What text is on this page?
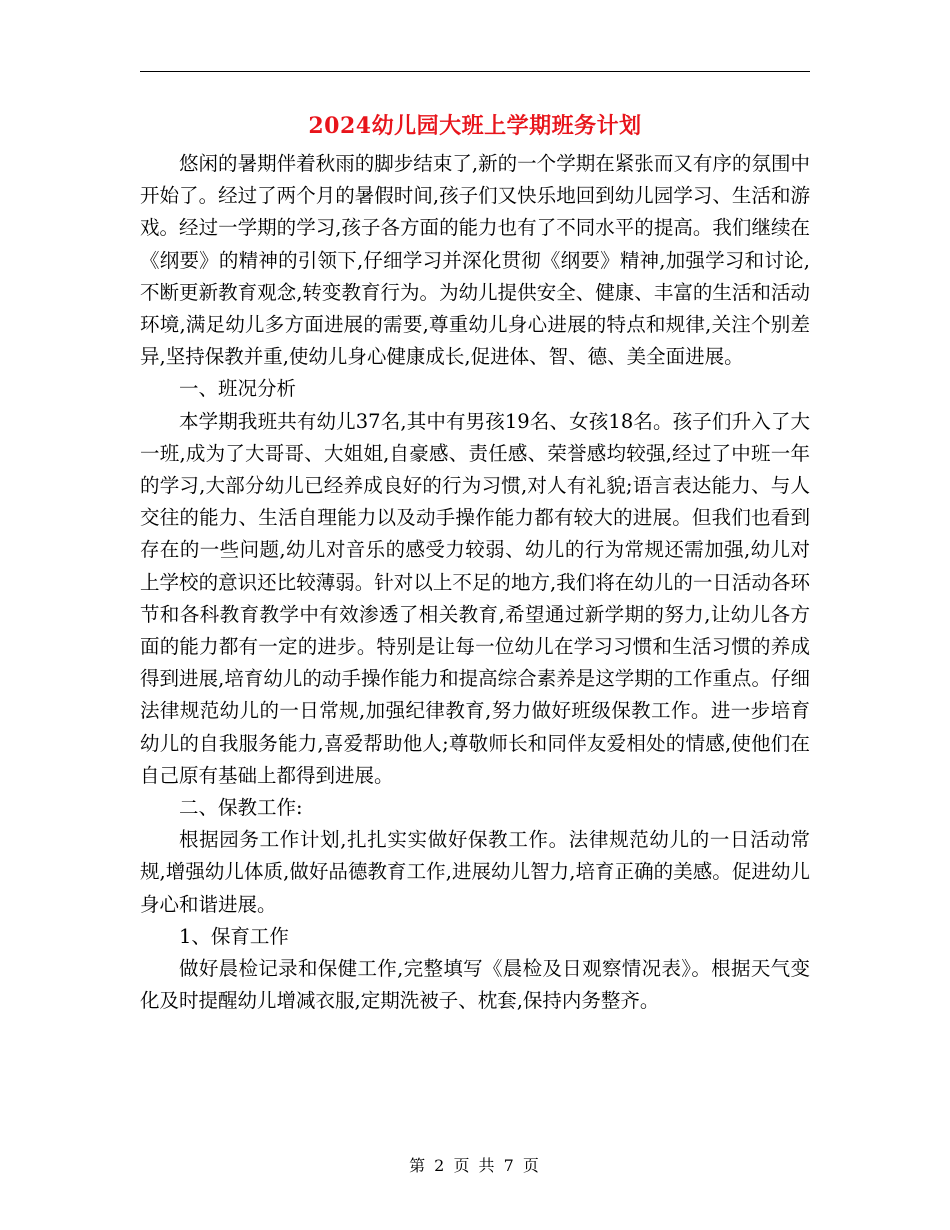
2024幼儿园大班上学期班务计划

悠闲的暑期伴着秋雨的脚步结束了,新的一个学期在紧张而又有序的氛围中开始了。经过了两个月的暑假时间,孩子们又快乐地回到幼儿园学习、生活和游戏。经过一学期的学习,孩子各方面的能力也有了不同水平的提高。我们继续在《纲要》的精神的引领下,仔细学习并深化贯彻《纲要》精神,加强学习和讨论,不断更新教育观念,转变教育行为。为幼儿提供安全、健康、丰富的生活和活动环境,满足幼儿多方面进展的需要,尊重幼儿身心进展的特点和规律,关注个别差异,坚持保教并重,使幼儿身心健康成长,促进体、智、德、美全面进展。

一、班况分析

本学期我班共有幼儿37名,其中有男孩19名、女孩18名。孩子们升入了大一班,成为了大哥哥、大姐姐,自豪感、责任感、荣誉感均较强,经过了中班一年的学习,大部分幼儿已经养成良好的行为习惯,对人有礼貌;语言表达能力、与人交往的能力、生活自理能力以及动手操作能力都有较大的进展。但我们也看到存在的一些问题,幼儿对音乐的感受力较弱、幼儿的行为常规还需加强,幼儿对上学校的意识还比较薄弱。针对以上不足的地方,我们将在幼儿的一日活动各环节和各科教育教学中有效渗透了相关教育,希望通过新学期的努力,让幼儿各方面的能力都有一定的进步。特别是让每一位幼儿在学习习惯和生活习惯的养成得到进展,培育幼儿的动手操作能力和提高综合素养是这学期的工作重点。仔细法律规范幼儿的一日常规,加强纪律教育,努力做好班级保教工作。进一步培育幼儿的自我服务能力,喜爱帮助他人;尊敬师长和同伴友爱相处的情感,使他们在自己原有基础上都得到进展。

二、保教工作:

根据园务工作计划,扎扎实实做好保教工作。法律规范幼儿的一日活动常规,增强幼儿体质,做好品德教育工作,进展幼儿智力,培育正确的美感。促进幼儿身心和谐进展。

1、保育工作

做好晨检记录和保健工作,完整填写《晨检及日观察情况表》。根据天气变化及时提醒幼儿增减衣服,定期洗被子、枕套,保持内务整齐。

第 2 页 共 7 页
